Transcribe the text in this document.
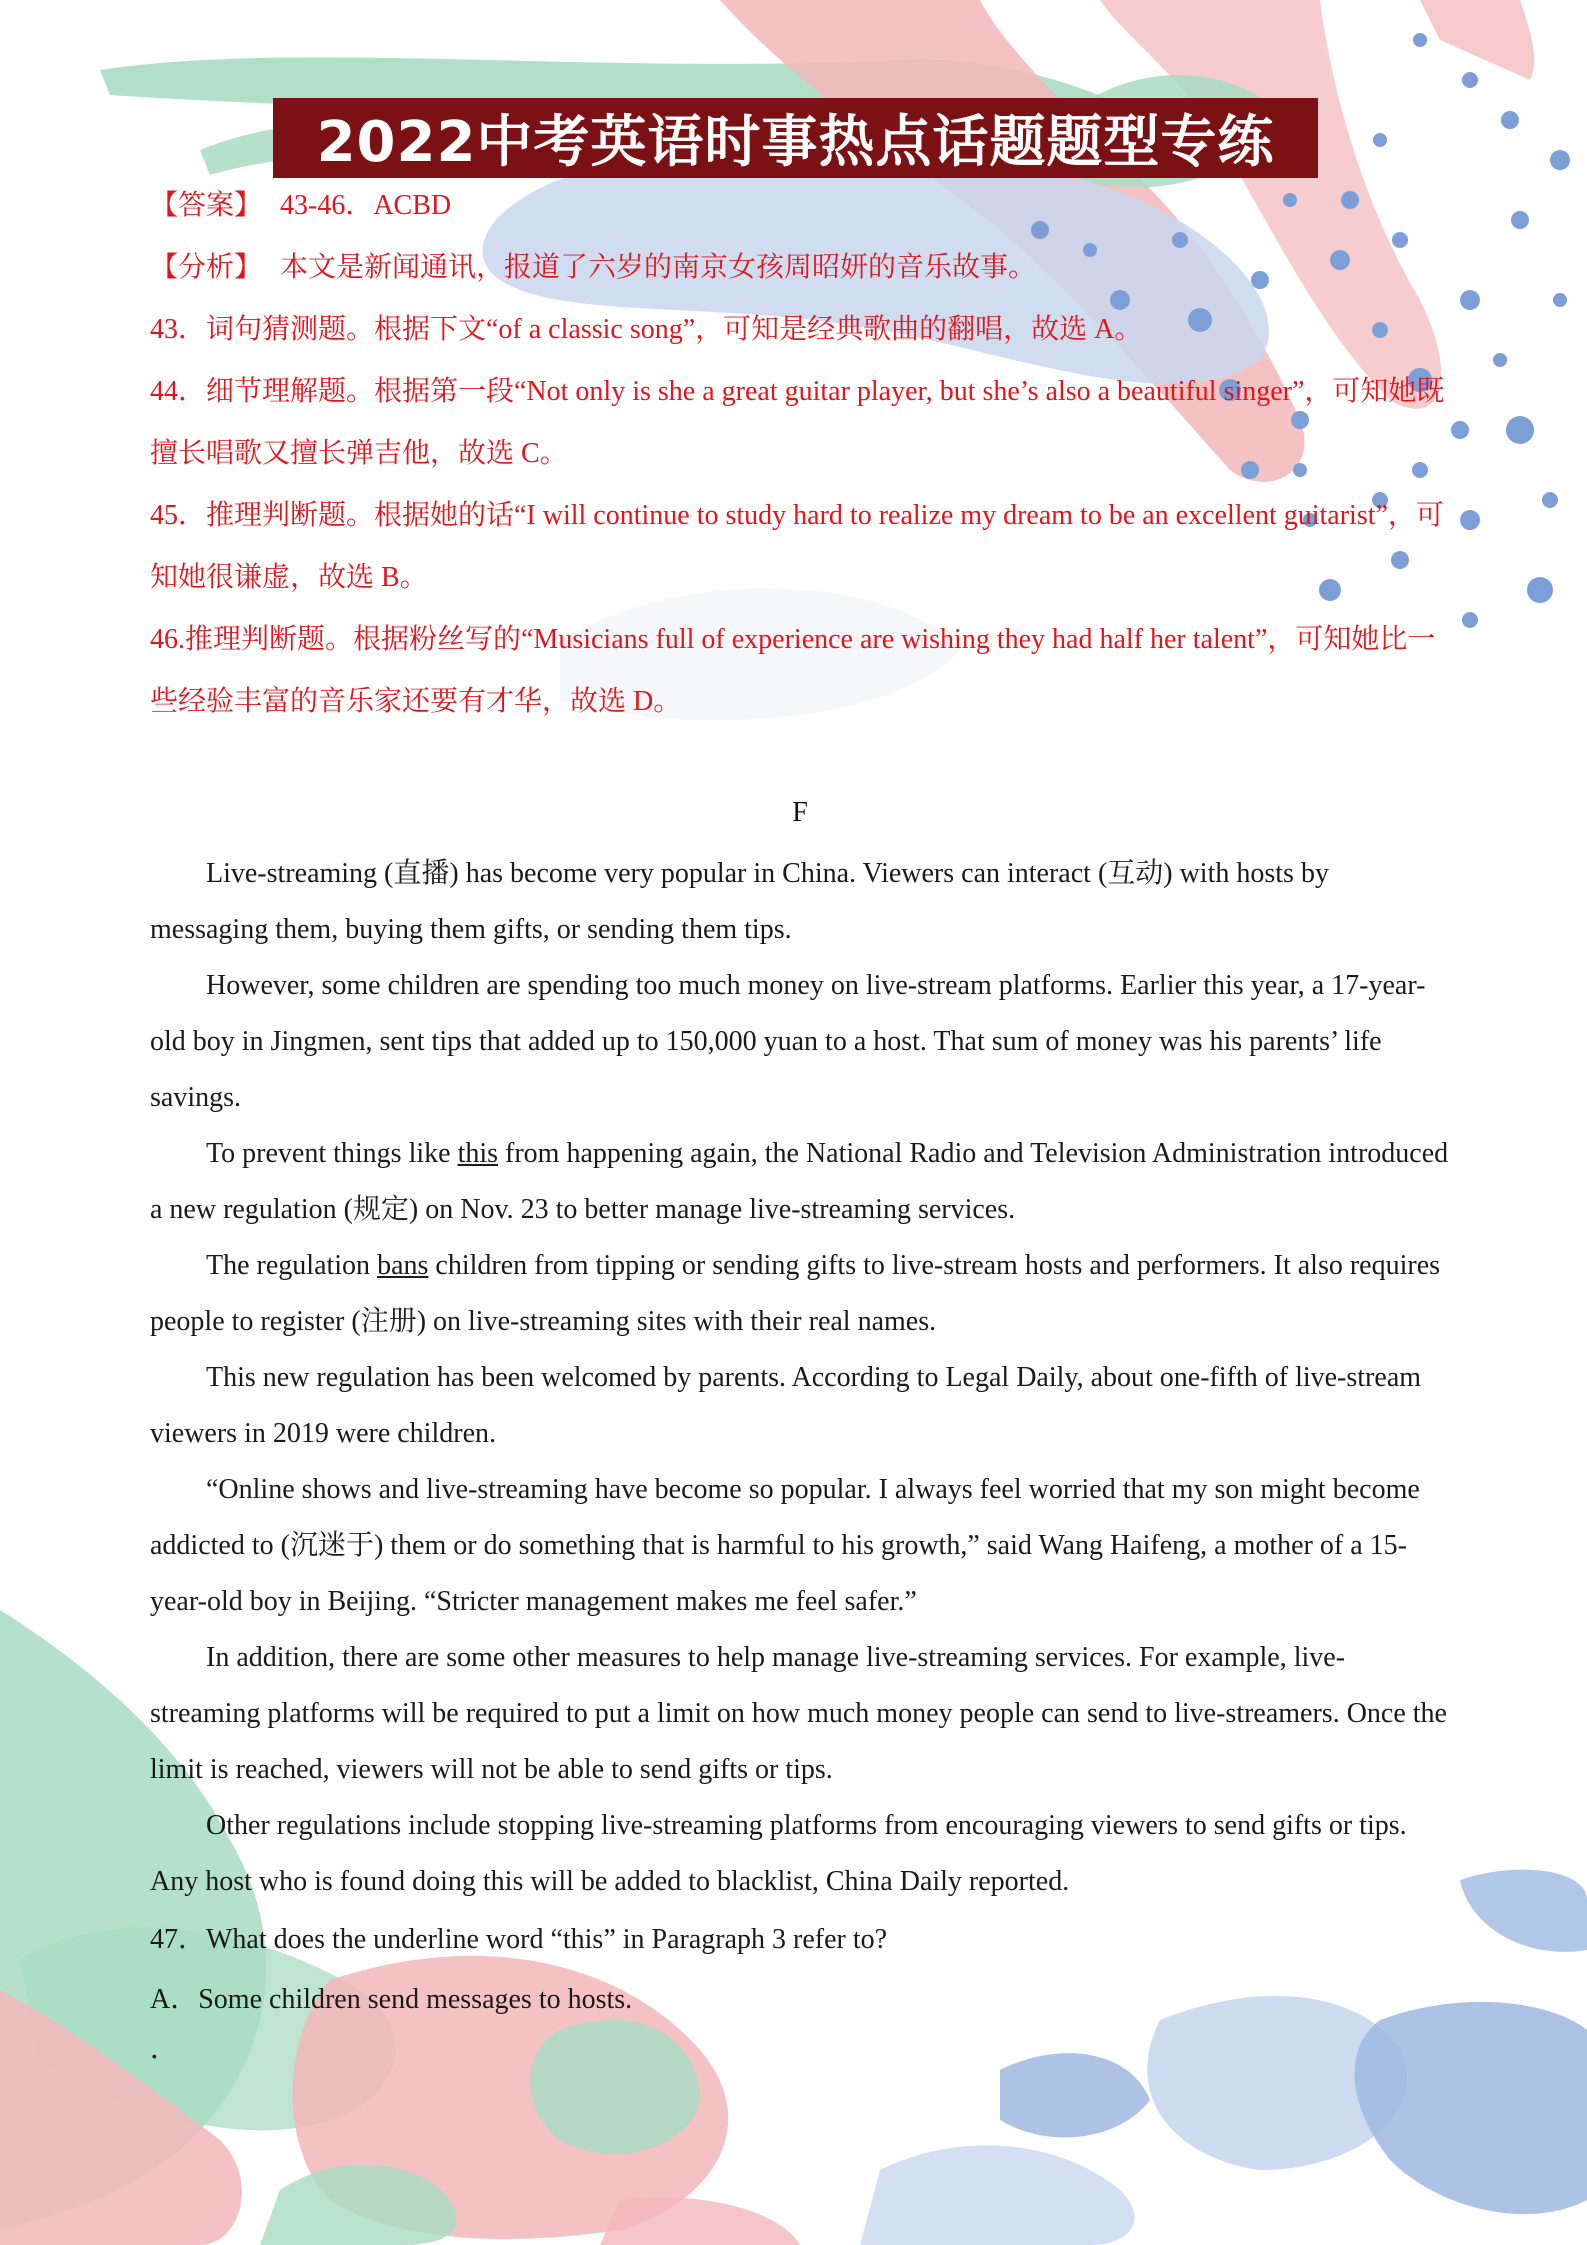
2022中考英语时事热点话题题型专练

【答案】 43-46．ACBD

【分析】 本文是新闻通讯，报道了六岁的南京女孩周昭妍的音乐故事。

43．词句猜测题。根据下文“of a classic song”，可知是经典歌曲的翻唱，故选 A。

44．细节理解题。根据第一段“Not only is she a great guitar player, but she’s also a beautiful singer”，可知她既擅长唱歌又擅长弹吉他，故选 C。

45．推理判断题。根据她的话“I will continue to study hard to realize my dream to be an excellent guitarist”，可知她很谦虚，故选 B。

46.推理判断题。根据粉丝写的“Musicians full of experience are wishing they had half her talent”，可知她比一些经验丰富的音乐家还要有才华，故选 D。

F

Live-streaming (直播) has become very popular in China. Viewers can interact (互动) with hosts by messaging them, buying them gifts, or sending them tips.

However, some children are spending too much money on live-stream platforms. Earlier this year, a 17-year-old boy in Jingmen, sent tips that added up to 150,000 yuan to a host. That sum of money was his parents’ life savings.

To prevent things like this from happening again, the National Radio and Television Administration introduced a new regulation (规定) on Nov. 23 to better manage live-streaming services.

The regulation bans children from tipping or sending gifts to live-stream hosts and performers. It also requires people to register (注册) on live-streaming sites with their real names.

This new regulation has been welcomed by parents. According to Legal Daily, about one-fifth of live-stream viewers in 2019 were children.

“Online shows and live-streaming have become so popular. I always feel worried that my son might become addicted to (沉迷于) them or do something that is harmful to his growth,” said Wang Haifeng, a mother of a 15-year-old boy in Beijing. “Stricter management makes me feel safer.”

In addition, there are some other measures to help manage live-streaming services. For example, live-streaming platforms will be required to put a limit on how much money people can send to live-streamers. Once the limit is reached, viewers will not be able to send gifts or tips.

Other regulations include stopping live-streaming platforms from encouraging viewers to send gifts or tips. Any host who is found doing this will be added to blacklist, China Daily reported.

47．What does the underline word “this” in Paragraph 3 refer to?

A．Some children send messages to hosts.

．
